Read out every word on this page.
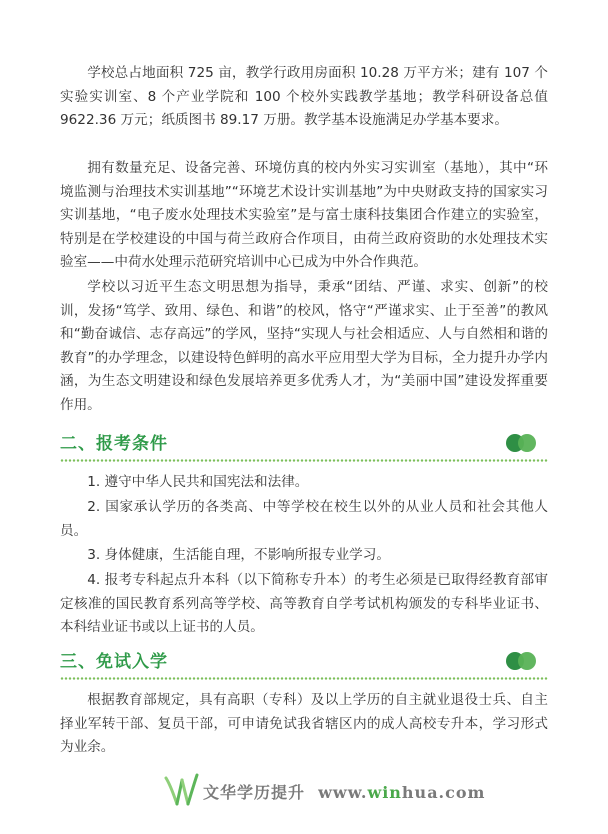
学校总占地面积 725 亩，教学行政用房面积 10.28 万平方米；建有 107 个实验实训室、8 个产业学院和 100 个校外实践教学基地；教学科研设备总值 9622.36 万元；纸质图书 89.17 万册。教学基本设施满足办学基本要求。

拥有数量充足、设备完善、环境仿真的校内外实习实训室（基地），其中“环境监测与治理技术实训基地”“环境艺术设计实训基地”为中央财政支持的国家实习实训基地，“电子废水处理技术实验室”是与富士康科技集团合作建立的实验室，特别是在学校建设的中国与荷兰政府合作项目，由荷兰政府资助的水处理技术实验室——中荷水处理示范研究培训中心已成为中外合作典范。

学校以习近平生态文明思想为指导，秉承“团结、严谨、求实、创新”的校训，发扬“笃学、致用、绿色、和谐”的校风，恪守“严谨求实、止于至善”的教风和“勤奋诚信、志存高远”的学风，坚持“实现人与社会相适应、人与自然相和谐的教育”的办学理念，以建设特色鲜明的高水平应用型大学为目标，全力提升办学内涵，为生态文明建设和绿色发展培养更多优秀人才，为“美丽中国”建设发挥重要作用。

二、报考条件

1. 遵守中华人民共和国宪法和法律。

2. 国家承认学历的各类高、中等学校在校生以外的从业人员和社会其他人员。

3. 身体健康，生活能自理，不影响所报专业学习。

4. 报考专科起点升本科（以下简称专升本）的考生必须是已取得经教育部审定核准的国民教育系列高等学校、高等教育自学考试机构颁发的专科毕业证书、本科结业证书或以上证书的人员。

三、免试入学

根据教育部规定，具有高职（专科）及以上学历的自主就业退役士兵、自主择业军转干部、复员干部，可申请免试我省辖区内的成人高校专升本，学习形式为业余。

文华学历提升 www.winhua.com
